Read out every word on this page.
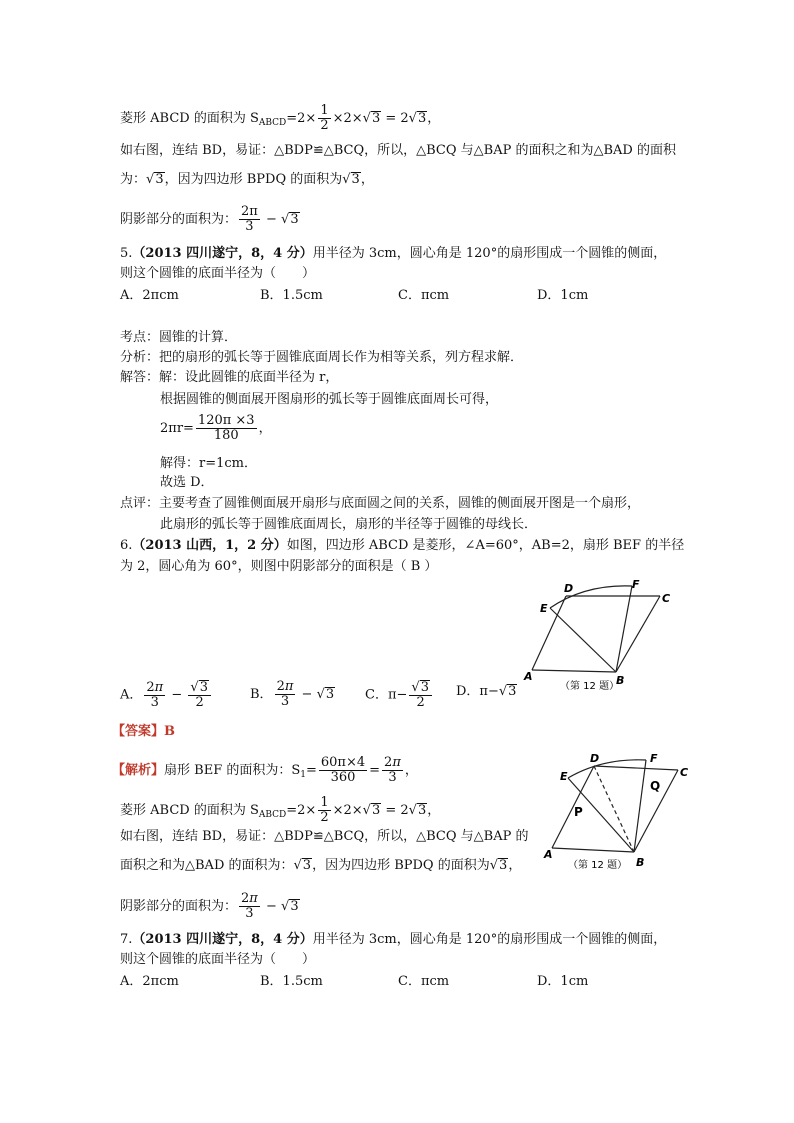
菱形 ABCD 的面积为 $S_{ABCD}=2\times \frac{1}{2} \times 2\times√3 = 2√3$，
如右图，连结 BD，易证：△BDP≌△BCQ，所以，△BCQ 与△BAP 的面积之和为△BAD 的面积
为：√3，因为四边形 BPDQ 的面积为√3，
阴影部分的面积为： $\frac{2\pi}{3} - √3$
5.（2013 四川遂宁，8，4 分）用半径为 3cm，圆心角是 120°的扇形围成一个圆锥的侧面，
则这个圆锥的底面半径为（　　）
A．2πcm	B．1.5cm	C．πcm	D．1cm
考点：圆锥的计算．
分析：把的扇形的弧长等于圆锥底面周长作为相等关系，列方程求解．
解答：解：设此圆锥的底面半径为 r，
根据圆锥的侧面展开图扇形的弧长等于圆锥底面周长可得，
$2\pi r= \frac{120\pi \times 3}{180}$ ，
解得：r=1cm．
故选 D．
点评：主要考查了圆锥侧面展开扇形与底面圆之间的关系，圆锥的侧面展开图是一个扇形，
此扇形的弧长等于圆锥底面周长，扇形的半径等于圆锥的母线长．
6.（2013 山西，1，2 分）如图，四边形 ABCD 是菱形，∠A=60°，AB=2，扇形 BEF 的半径
为 2，圆心角为 60°，则图中阴影部分的面积是（ B ）
D	F
C
E
A	B
（第 12 题）
A． $\frac{2\pi}{3} - \frac{√3}{2}$	B． $\frac{2\pi}{3} - √3$ C．$\pi- \frac{√3}{2}$ D．π−√3
【答案】B
【解析】扇形 BEF 的面积为：$S_1= \frac{60\pi\times 4}{360} = \frac{2\pi}{3}$ ，
菱形 ABCD 的面积为 $S_{ABCD}=2\times \frac{1}{2} \times 2\times√3 = 2√3$，
如右图，连结 BD，易证：△BDP≌△BCQ，所以，△BCQ 与△BAP 的
面积之和为△BAD 的面积为：√3，因为四边形 BPDQ 的面积为√3，
阴影部分的面积为： $\frac{2\pi}{3} - √3$
D	F
C
E
P
Q
A
B
（第 12 题）
7.（2013 四川遂宁，8，4 分）用半径为 3cm，圆心角是 120°的扇形围成一个圆锥的侧面，
则这个圆锥的底面半径为（　　）
A．2πcm	B．1.5cm	C．πcm	D．1cm
